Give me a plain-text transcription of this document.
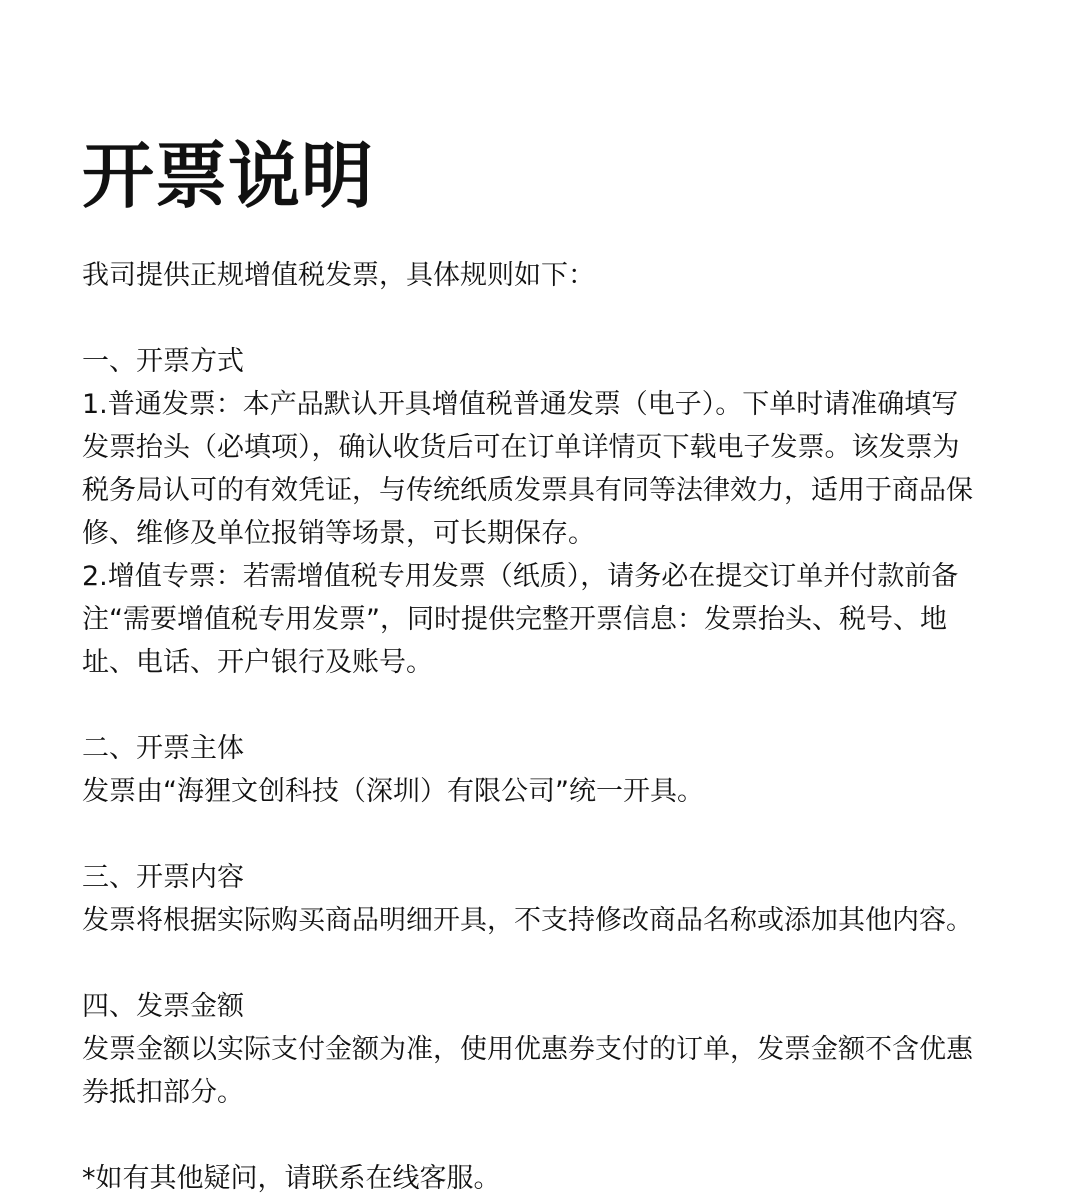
开票说明

我司提供正规增值税发票，具体规则如下：

一、开票方式

1.普通发票：本产品默认开具增值税普通发票（电子）。下单时请准确填写
发票抬头（必填项），确认收货后可在订单详情页下载电子发票。该发票为
税务局认可的有效凭证，与传统纸质发票具有同等法律效力，适用于商品保
修、维修及单位报销等场景，可长期保存。
2.增值专票：若需增值税专用发票（纸质），请务必在提交订单并付款前备
注“需要增值税专用发票”，同时提供完整开票信息：发票抬头、税号、地
址、电话、开户银行及账号。

二、开票主体

发票由“海狸文创科技（深圳）有限公司”统一开具。

三、开票内容

发票将根据实际购买商品明细开具，不支持修改商品名称或添加其他内容。

四、发票金额

发票金额以实际支付金额为准，使用优惠券支付的订单，发票金额不含优惠
券抵扣部分。

*如有其他疑问，请联系在线客服。
